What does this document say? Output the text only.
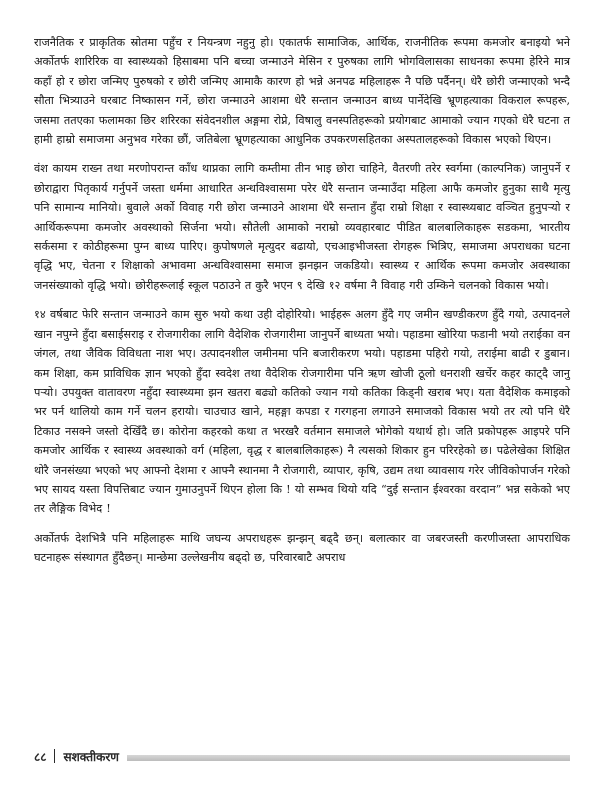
राजनैतिक र प्राकृतिक स्रोतमा पहुँच र नियन्त्रण नहुनु हो। एकातर्फ सामाजिक, आर्थिक, राजनीतिक रूपमा कमजोर बनाइयो भने अर्कोतर्फ शारिरिक वा स्वास्थ्यको हिसाबमा पनि बच्चा जन्माउने मेसिन र पुरुषका लागि भोगविलासका साधनका रूपमा हेरिने मात्र कहाँ हो र छोरा जन्मिए पुरुषको र छोरी जन्मिए आमाकै कारण हो भन्ने अनपढ महिलाहरू नै पछि पर्दैनन्। धेरै छोरी जन्माएको भन्दै सौता भित्र्याउने घरबाट निष्कासन गर्ने, छोरा जन्माउने आशमा धेरै सन्तान जन्माउन बाध्य पार्नेदेखि भ्रूणहत्याका विकराल रूपहरू, जसमा ततएका फलामका छिर शरिरका संवेदनशील अङ्गमा रोप्ने, विषालु वनस्पतिहरूको प्रयोगबाट आमाको ज्यान गएको धेरै घटना त हामी हाम्रो समाजमा अनुभव गरेका छौं, जतिबेला भ्रूणहत्याका आधुनिक उपकरणसहितका अस्पतालहरूको विकास भएको थिएन।

वंश कायम राख्न तथा मरणोपरान्त काँध थाप्नका लागि कम्तीमा तीन भाइ छोरा चाहिने, वैतरणी तरेर स्वर्गमा (काल्पनिक) जानुपर्ने र छोराद्वारा पितृकार्य गर्नुपर्ने जस्ता धर्ममा आधारित अन्धविश्वासमा परेर धेरै सन्तान जन्माउँदा महिला आफै कमजोर हुनुका साथै मृत्यु पनि सामान्य मानियो। बुवाले अर्को विवाह गरी छोरा जन्माउने आशमा धेरै सन्तान हुँदा राम्रो शिक्षा र स्वास्थ्यबाट वञ्चित हुनुपर्‍यो र आर्थिकरूपमा कमजोर अवस्थाको सिर्जना भयो। सौतेली आमाको नराम्रो व्यवहारबाट पीडित बालबालिकाहरू सडकमा, भारतीय सर्कसमा र कोठीहरूमा पुग्न बाध्य पारिए। कुपोषणले मृत्युदर बढायो, एचआइभीजस्ता रोगहरू भित्रिए, समाजमा अपराधका घटना वृद्धि भए, चेतना र शिक्षाको अभावमा अन्धविश्वासमा समाज झनझन जकडियो। स्वास्थ्य र आर्थिक रूपमा कमजोर अवस्थाका जनसंख्याको वृद्धि भयो। छोरीहरूलाई स्कूल पठाउने त कुरै भएन ९ देखि १२ वर्षमा नै विवाह गरी उम्किने चलनको विकास भयो।

१४ वर्षबाट फेरि सन्तान जन्माउने काम सुरु भयो कथा उही दोहोरियो। भाईहरू अलग हुँदै गए जमीन खण्डीकरण हुँदै गयो, उत्पादनले खान नपुग्ने हुँदा बसाईसराइ र रोजगारीका लागि वैदेशिक रोजगारीमा जानुपर्ने बाध्यता भयो। पहाडमा खोरिया फडानी भयो तराईका वन जंगल, तथा जैविक विविधता नाश भए। उत्पादनशील जमीनमा पनि बजारीकरण भयो। पहाडमा पहिरो गयो, तराईमा बाढी र डुबान। कम शिक्षा, कम प्राविधिक ज्ञान भएको हुँदा स्वदेश तथा वैदेशिक रोजगारीमा पनि ऋण खोजी ठूलो धनराशी खर्चेर कहर काट्दै जानु पर्‍यो। उपयुक्त वातावरण नहुँदा स्वास्थ्यमा झन खतरा बढ्यो कतिको ज्यान गयो कतिका किड्नी खराब भए। यता वैदेशिक कमाइको भर पर्न थालियो काम गर्ने चलन हरायो। चाउचाउ खाने, महङ्गा कपडा र गरगहना लगाउने समाजको विकास भयो तर त्यो पनि धेरै टिकाउ नसक्ने जस्तो देखिँदै छ। कोरोना कहरको कथा त भरखरै वर्तमान समाजले भोगेको यथार्थ हो। जति प्रकोपहरू आइपरे पनि कमजोर आर्थिक र स्वास्थ्य अवस्थाको वर्ग (महिला, वृद्ध र बालबालिकाहरू) नै त्यसको शिकार हुन परिरहेको छ। पढेलेखेका शिक्षित थोरै जनसंख्या भएको भए आफ्नो देशमा र आफ्नै स्थानमा नै रोजगारी, व्यापार, कृषि, उद्यम तथा व्यावसाय गरेर जीविकोपार्जन गरेको भए सायद यस्ता विपत्तिबाट ज्यान गुमाउनुपर्ने थिएन होला कि ! यो सम्भव थियो यदि “दुई सन्तान ईश्वरका वरदान” भन्न सकेको भए तर लैङ्गिक विभेद !

अर्कोतर्फ देशभित्रै पनि महिलाहरू माथि जघन्य अपराधहरू झन्झन् बढ्दै छन्। बलात्कार वा जबरजस्ती करणीजस्ता आपराधिक घटनाहरू संस्थागत हुँदैछन्। मान्छेमा उल्लेखनीय बढ्दो छ, परिवारबाटै अपराध

८८ सशक्तीकरण
